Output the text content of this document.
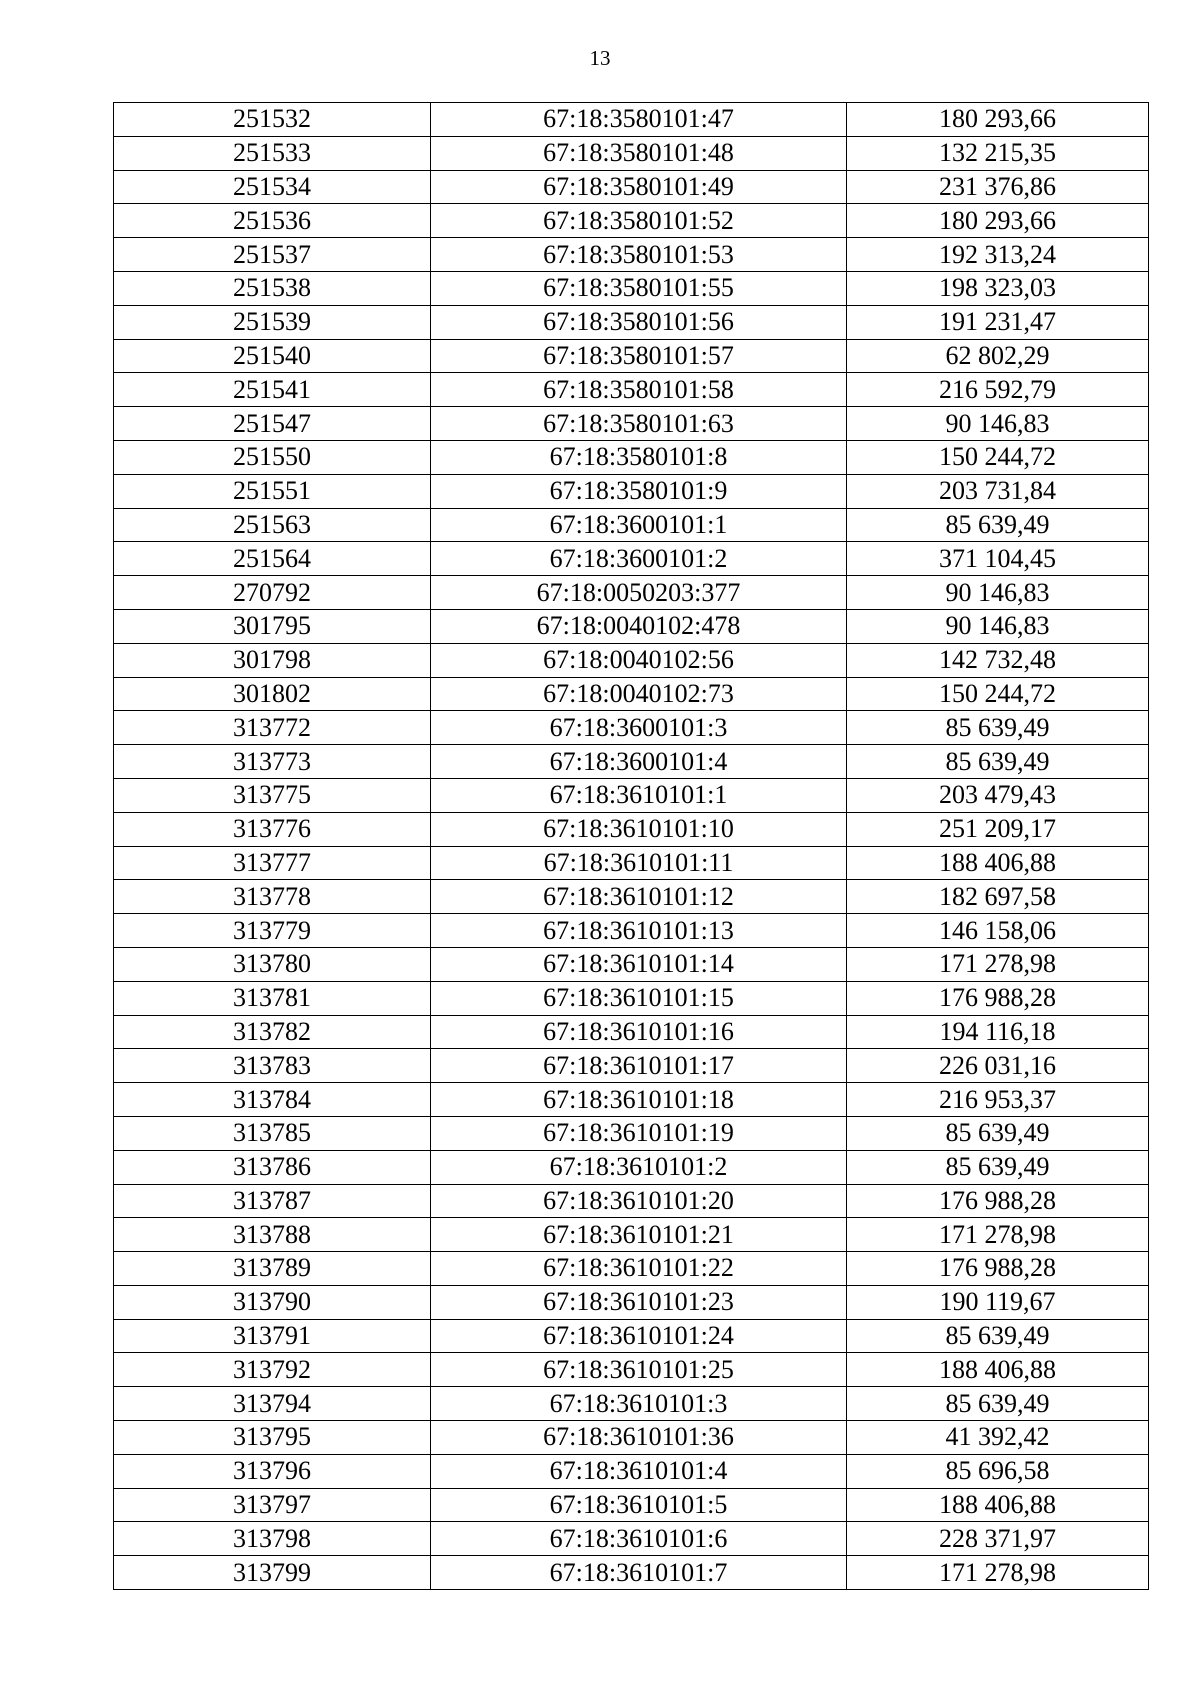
13
251532	67:18:3580101:47	180 293,66
251533	67:18:3580101:48	132 215,35
251534	67:18:3580101:49	231 376,86
251536	67:18:3580101:52	180 293,66
251537	67:18:3580101:53	192 313,24
251538	67:18:3580101:55	198 323,03
251539	67:18:3580101:56	191 231,47
251540	67:18:3580101:57	62 802,29
251541	67:18:3580101:58	216 592,79
251547	67:18:3580101:63	90 146,83
251550	67:18:3580101:8	150 244,72
251551	67:18:3580101:9	203 731,84
251563	67:18:3600101:1	85 639,49
251564	67:18:3600101:2	371 104,45
270792	67:18:0050203:377	90 146,83
301795	67:18:0040102:478	90 146,83
301798	67:18:0040102:56	142 732,48
301802	67:18:0040102:73	150 244,72
313772	67:18:3600101:3	85 639,49
313773	67:18:3600101:4	85 639,49
313775	67:18:3610101:1	203 479,43
313776	67:18:3610101:10	251 209,17
313777	67:18:3610101:11	188 406,88
313778	67:18:3610101:12	182 697,58
313779	67:18:3610101:13	146 158,06
313780	67:18:3610101:14	171 278,98
313781	67:18:3610101:15	176 988,28
313782	67:18:3610101:16	194 116,18
313783	67:18:3610101:17	226 031,16
313784	67:18:3610101:18	216 953,37
313785	67:18:3610101:19	85 639,49
313786	67:18:3610101:2	85 639,49
313787	67:18:3610101:20	176 988,28
313788	67:18:3610101:21	171 278,98
313789	67:18:3610101:22	176 988,28
313790	67:18:3610101:23	190 119,67
313791	67:18:3610101:24	85 639,49
313792	67:18:3610101:25	188 406,88
313794	67:18:3610101:3	85 639,49
313795	67:18:3610101:36	41 392,42
313796	67:18:3610101:4	85 696,58
313797	67:18:3610101:5	188 406,88
313798	67:18:3610101:6	228 371,97
313799	67:18:3610101:7	171 278,98
